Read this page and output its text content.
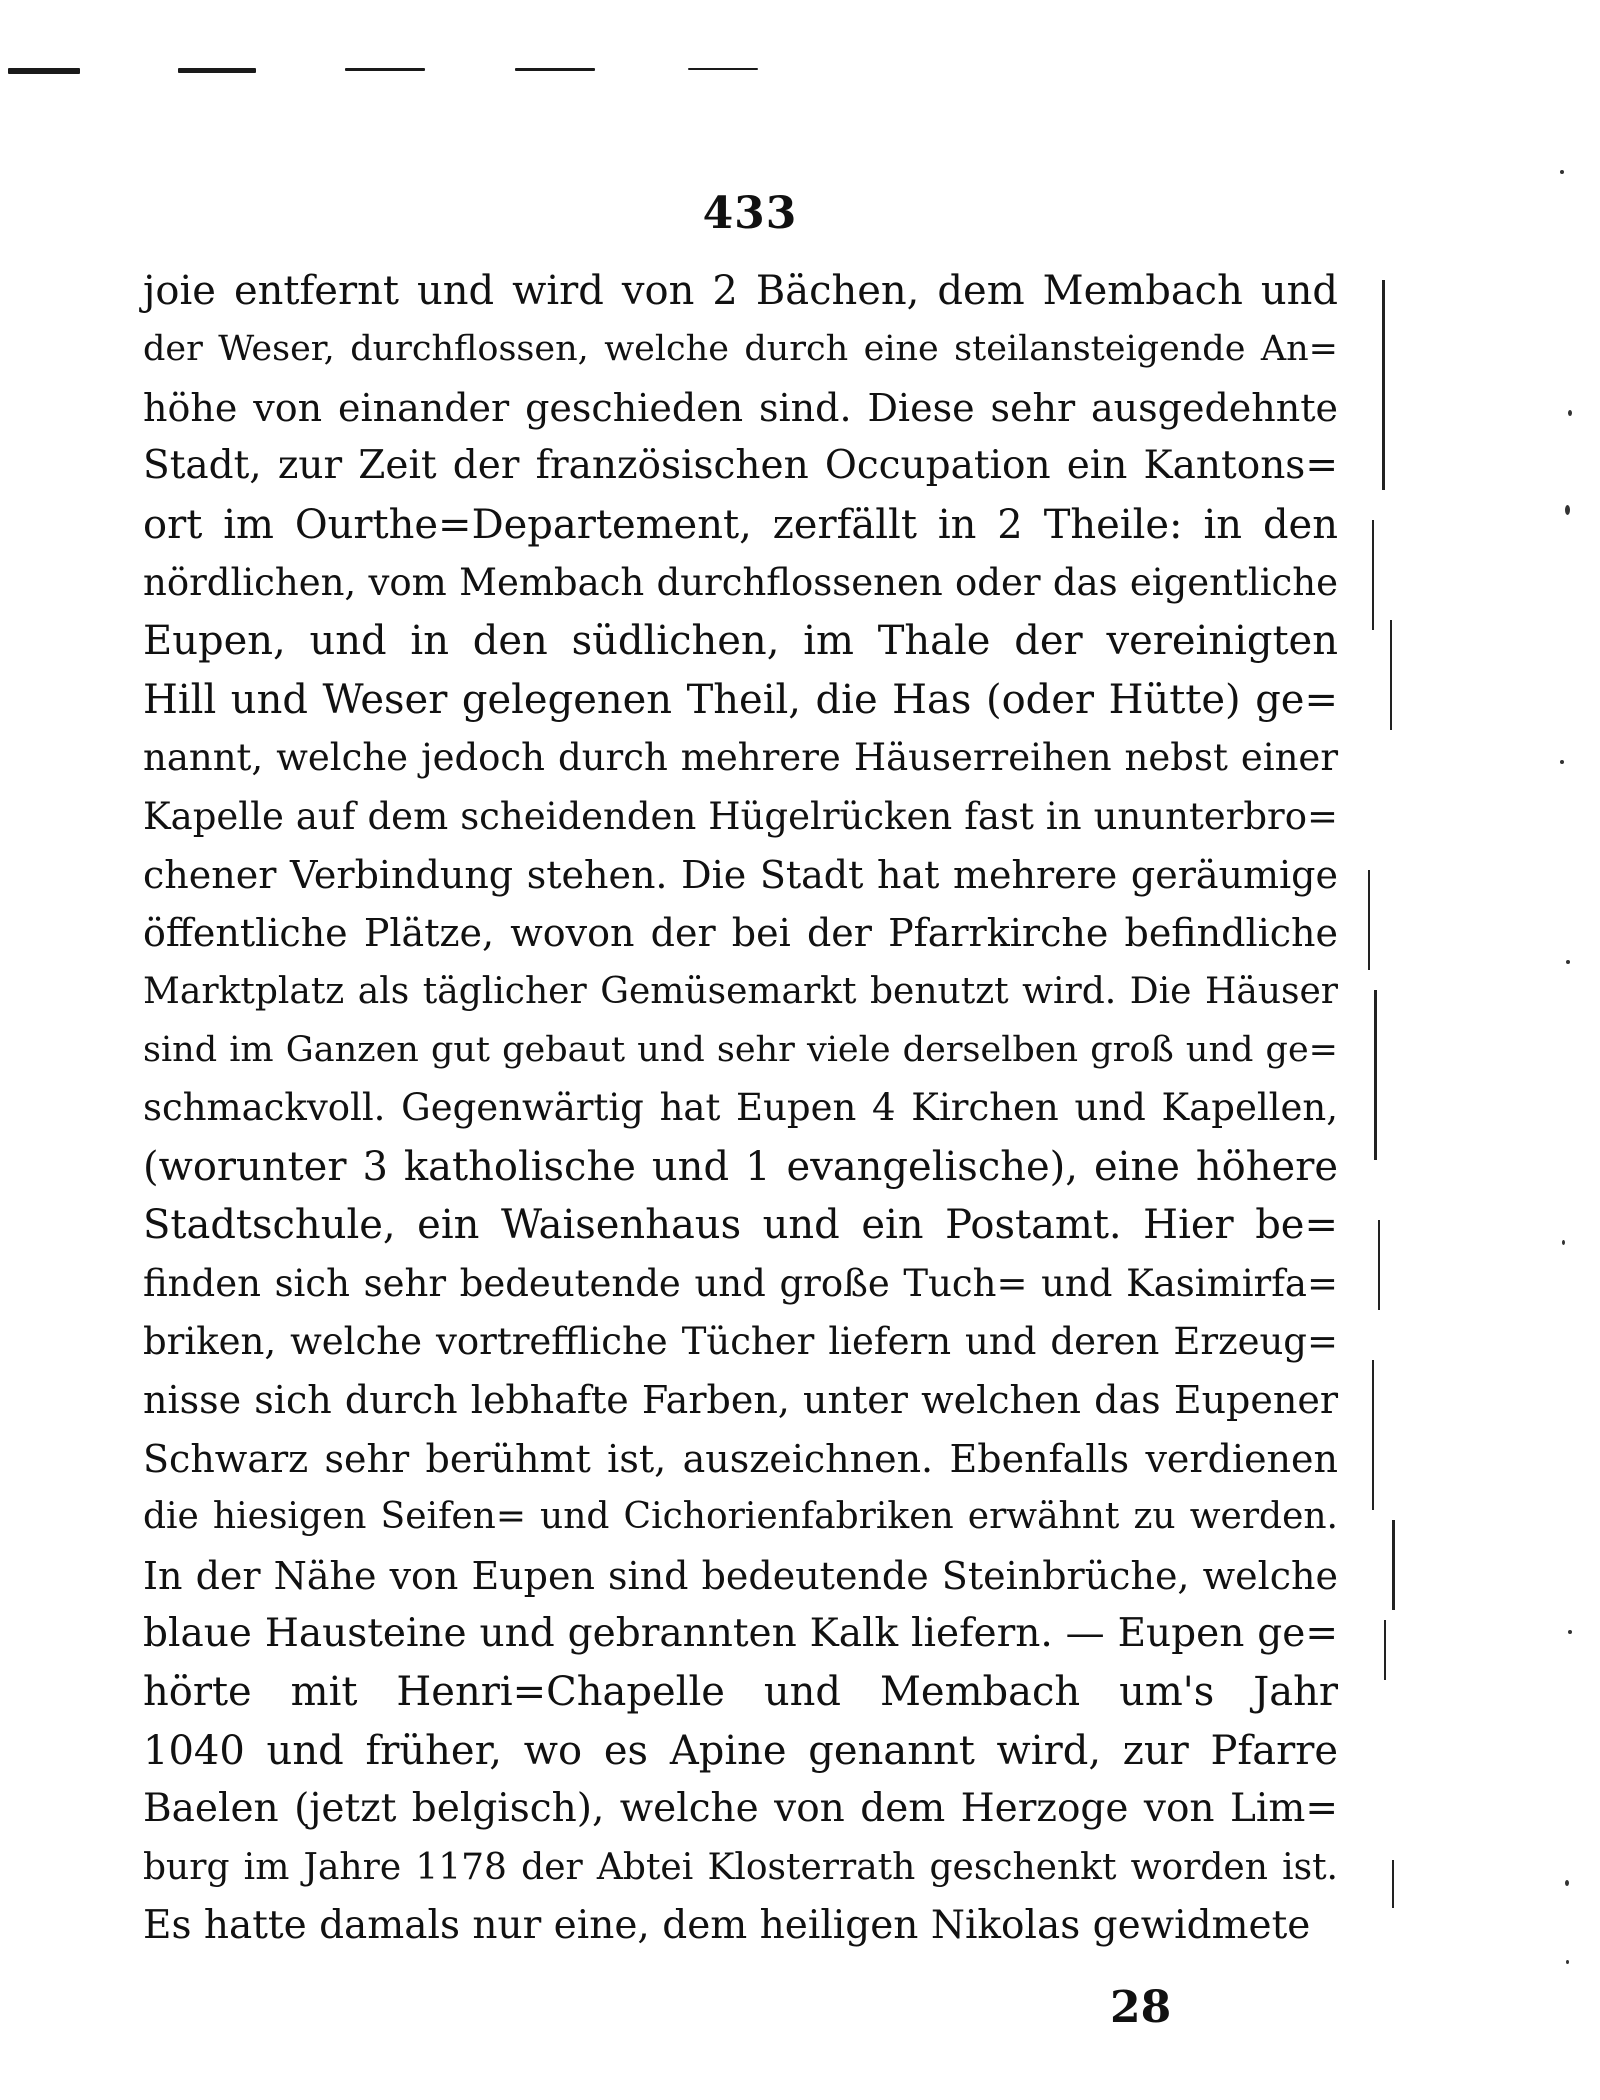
433
joie entfernt und wird von 2 Bächen, dem Membach und
der Weser, durchflossen, welche durch eine steilansteigende An=
höhe von einander geschieden sind. Diese sehr ausgedehnte
Stadt, zur Zeit der französischen Occupation ein Kantons=
ort im Ourthe=Departement, zerfällt in 2 Theile: in den
nördlichen, vom Membach durchflossenen oder das eigentliche
Eupen, und in den südlichen, im Thale der vereinigten
Hill und Weser gelegenen Theil, die Has (oder Hütte) ge=
nannt, welche jedoch durch mehrere Häuserreihen nebst einer
Kapelle auf dem scheidenden Hügelrücken fast in ununterbro=
chener Verbindung stehen. Die Stadt hat mehrere geräumige
öffentliche Plätze, wovon der bei der Pfarrkirche befindliche
Marktplatz als täglicher Gemüsemarkt benutzt wird. Die Häuser
sind im Ganzen gut gebaut und sehr viele derselben groß und ge=
schmackvoll. Gegenwärtig hat Eupen 4 Kirchen und Kapellen,
(worunter 3 katholische und 1 evangelische), eine höhere
Stadtschule, ein Waisenhaus und ein Postamt. Hier be=
finden sich sehr bedeutende und große Tuch= und Kasimirfa=
briken, welche vortreffliche Tücher liefern und deren Erzeug=
nisse sich durch lebhafte Farben, unter welchen das Eupener
Schwarz sehr berühmt ist, auszeichnen. Ebenfalls verdienen
die hiesigen Seifen= und Cichorienfabriken erwähnt zu werden.
In der Nähe von Eupen sind bedeutende Steinbrüche, welche
blaue Hausteine und gebrannten Kalk liefern. — Eupen ge=
hörte mit Henri=Chapelle und Membach um's Jahr
1040 und früher, wo es Apine genannt wird, zur Pfarre
Baelen (jetzt belgisch), welche von dem Herzoge von Lim=
burg im Jahre 1178 der Abtei Klosterrath geschenkt worden ist.
Es hatte damals nur eine, dem heiligen Nikolas gewidmete
28
